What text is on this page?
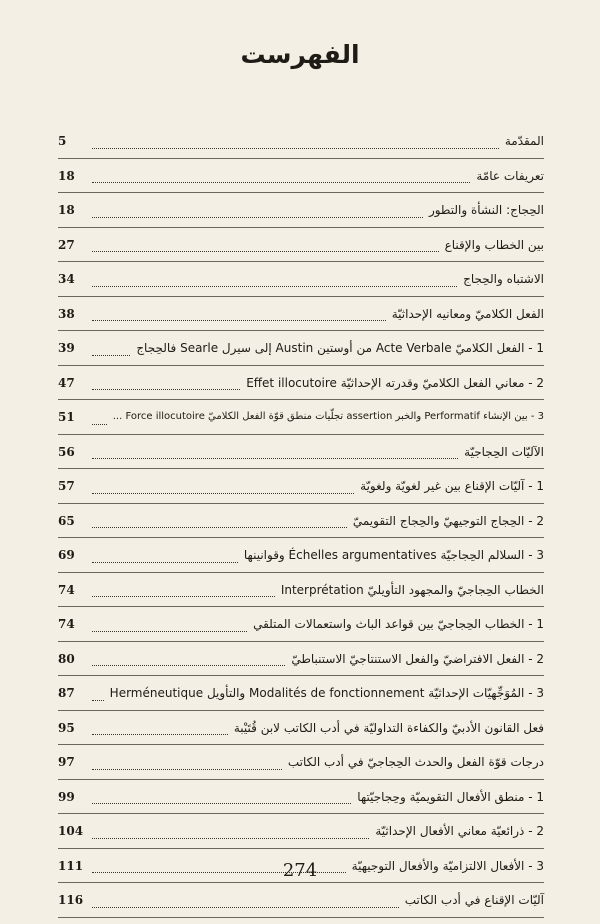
الفهرست
المقدّمة
5
تعريفات عامّة
18
الحِجاج: النشأة والتطور
18
بين الخطاب والإقناع
27
الاشتباه والحِجاج
34
الفعل الكلاميّ ومعانيه الإحداثيّة
38
1 - الفعل الكلاميّ Acte Verbale من أوستين Austin إلى سيرل Searle فالحِجاج
39
2 - معاني الفعل الكلاميّ وقدرته الإحداثيّة Effet illocutoire
47
3 - بين الإنشاء Performatif والخبر assertion تجلّيات منطق قوّة الفعل الكلاميّ Force illocutoire ...
51
الآليّات الحِجاجيّة
56
1 - آليّات الإقناع بين غير لغويّة ولغويّة
57
2 - الحِجاج التوجيهيّ والحِجاج التقويميّ
65
3 - السلالم الحِجاجيّة Échelles argumentatives وقوانينها
69
الخطاب الحِجاجيّ والمجهود التأويليّ Interprétation
74
1 - الخطاب الحِجاجيّ بين قواعد الباث واستعمالات المتلقي
74
2 - الفعل الافتراضيّ والفعل الاستنتاجيّ الاستنباطيّ
80
3 - المُوَجِّهيّات الإحداثيّة Modalités de fonctionnement والتأويل Herméneutique
87
فعل القانون الأدبيّ والكفاءة التداوليّة في أدب الكاتب لابن قُتَيْبة
95
درجات قوّة الفعل والحدث الحِجاجيّ في أدب الكاتب
97
1 - منطق الأفعال التقويميّة وحِجاجيّتها
99
2 - ذرائعيّة معاني الأفعال الإحداثيّة
104
3 - الأفعال الالتزاميّة والأفعال التوجيهيّة
111
آليّات الإقناع في أدب الكاتب
116
274
